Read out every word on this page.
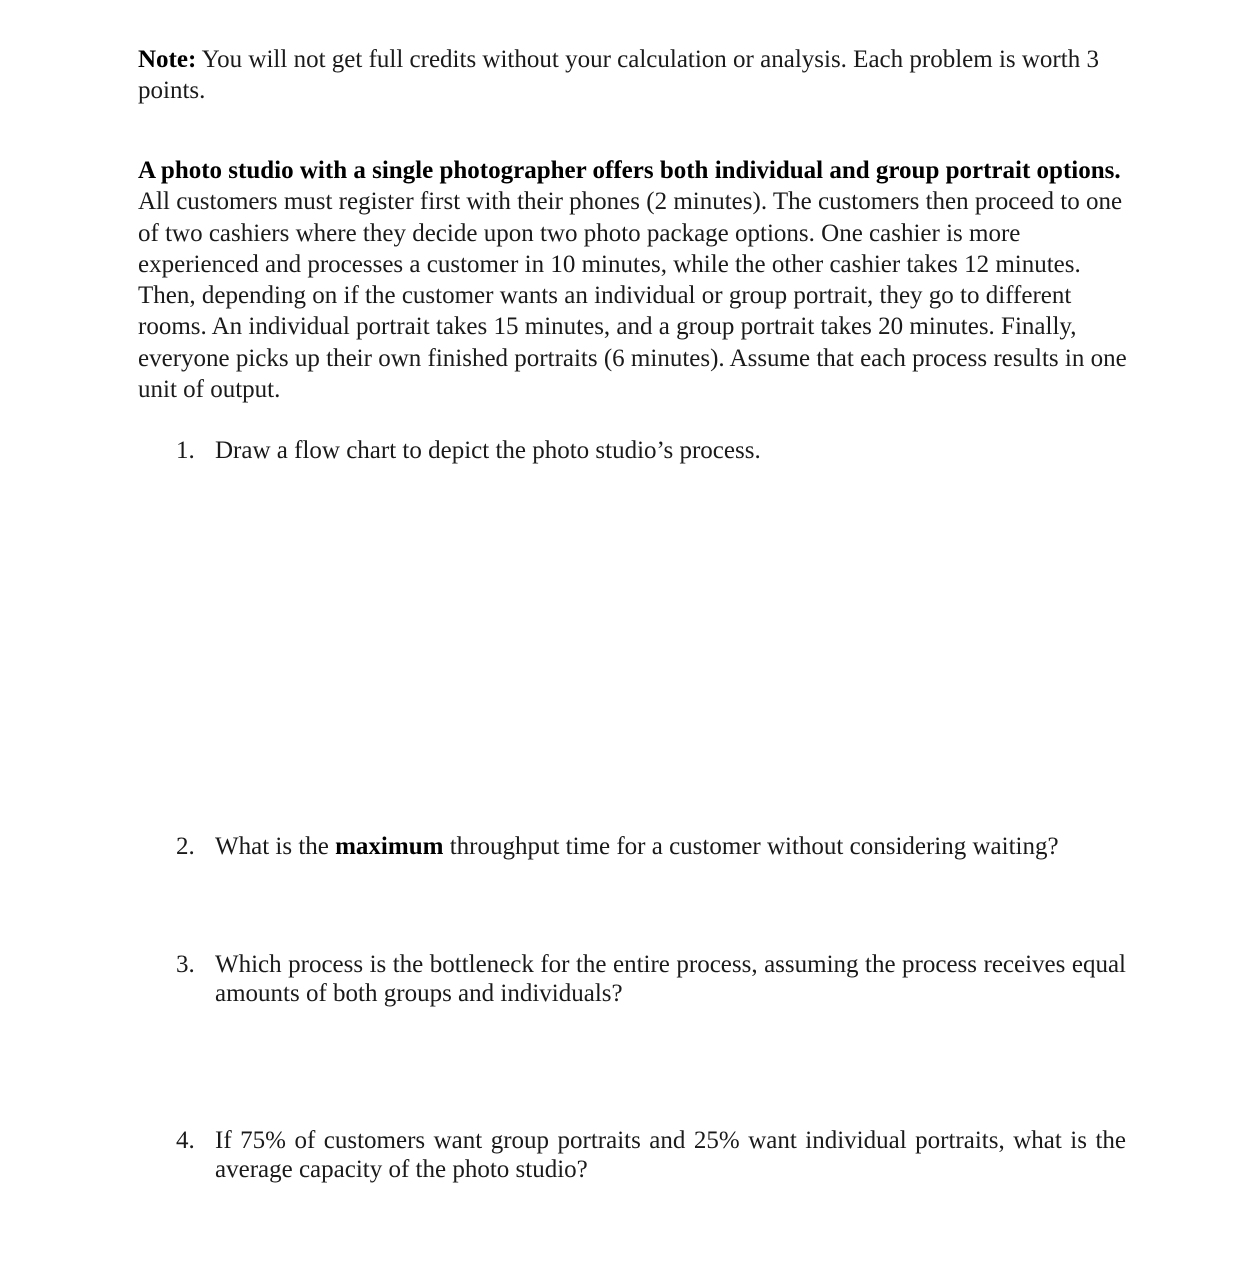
Note: You will not get full credits without your calculation or analysis. Each problem is worth 3 points.

A photo studio with a single photographer offers both individual and group portrait options. All customers must register first with their phones (2 minutes). The customers then proceed to one of two cashiers where they decide upon two photo package options. One cashier is more experienced and processes a customer in 10 minutes, while the other cashier takes 12 minutes. Then, depending on if the customer wants an individual or group portrait, they go to different rooms. An individual portrait takes 15 minutes, and a group portrait takes 20 minutes. Finally, everyone picks up their own finished portraits (6 minutes). Assume that each process results in one unit of output.

1. Draw a flow chart to depict the photo studio’s process.
2. What is the maximum throughput time for a customer without considering waiting?
3. Which process is the bottleneck for the entire process, assuming the process receives equal amounts of both groups and individuals?
4. If 75% of customers want group portraits and 25% want individual portraits, what is the average capacity of the photo studio?
